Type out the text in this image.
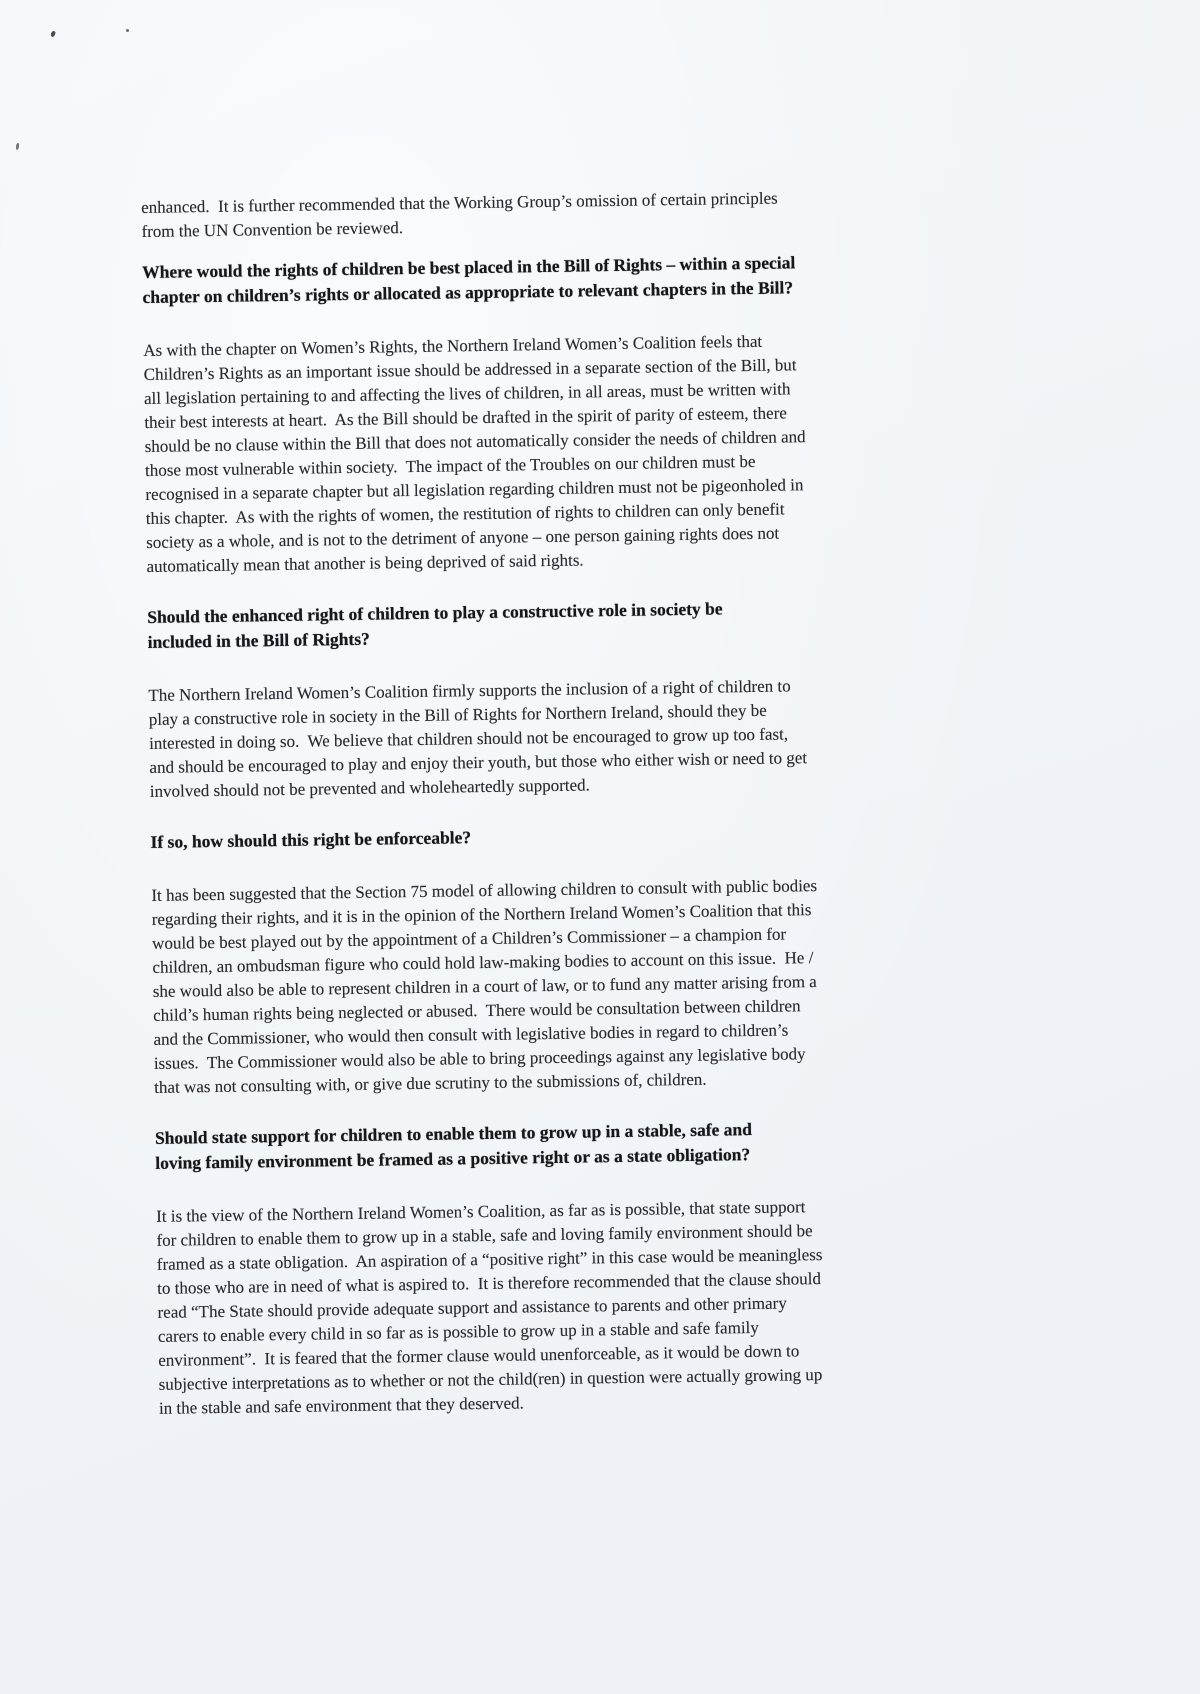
enhanced.  It is further recommended that the Working Group’s omission of certain principles
from the UN Convention be reviewed.

Where would the rights of children be best placed in the Bill of Rights – within a special
chapter on children’s rights or allocated as appropriate to relevant chapters in the Bill?

As with the chapter on Women’s Rights, the Northern Ireland Women’s Coalition feels that
Children’s Rights as an important issue should be addressed in a separate section of the Bill, but
all legislation pertaining to and affecting the lives of children, in all areas, must be written with
their best interests at heart.  As the Bill should be drafted in the spirit of parity of esteem, there
should be no clause within the Bill that does not automatically consider the needs of children and
those most vulnerable within society.  The impact of the Troubles on our children must be
recognised in a separate chapter but all legislation regarding children must not be pigeonholed in
this chapter.  As with the rights of women, the restitution of rights to children can only benefit
society as a whole, and is not to the detriment of anyone – one person gaining rights does not
automatically mean that another is being deprived of said rights.

Should the enhanced right of children to play a constructive role in society be
included in the Bill of Rights?

The Northern Ireland Women’s Coalition firmly supports the inclusion of a right of children to
play a constructive role in society in the Bill of Rights for Northern Ireland, should they be
interested in doing so.  We believe that children should not be encouraged to grow up too fast,
and should be encouraged to play and enjoy their youth, but those who either wish or need to get
involved should not be prevented and wholeheartedly supported.

If so, how should this right be enforceable?

It has been suggested that the Section 75 model of allowing children to consult with public bodies
regarding their rights, and it is in the opinion of the Northern Ireland Women’s Coalition that this
would be best played out by the appointment of a Children’s Commissioner – a champion for
children, an ombudsman figure who could hold law-making bodies to account on this issue.  He /
she would also be able to represent children in a court of law, or to fund any matter arising from a
child’s human rights being neglected or abused.  There would be consultation between children
and the Commissioner, who would then consult with legislative bodies in regard to children’s
issues.  The Commissioner would also be able to bring proceedings against any legislative body
that was not consulting with, or give due scrutiny to the submissions of, children.

Should state support for children to enable them to grow up in a stable, safe and
loving family environment be framed as a positive right or as a state obligation?

It is the view of the Northern Ireland Women’s Coalition, as far as is possible, that state support
for children to enable them to grow up in a stable, safe and loving family environment should be
framed as a state obligation.  An aspiration of a “positive right” in this case would be meaningless
to those who are in need of what is aspired to.  It is therefore recommended that the clause should
read “The State should provide adequate support and assistance to parents and other primary
carers to enable every child in so far as is possible to grow up in a stable and safe family
environment”.  It is feared that the former clause would unenforceable, as it would be down to
subjective interpretations as to whether or not the child(ren) in question were actually growing up
in the stable and safe environment that they deserved.
